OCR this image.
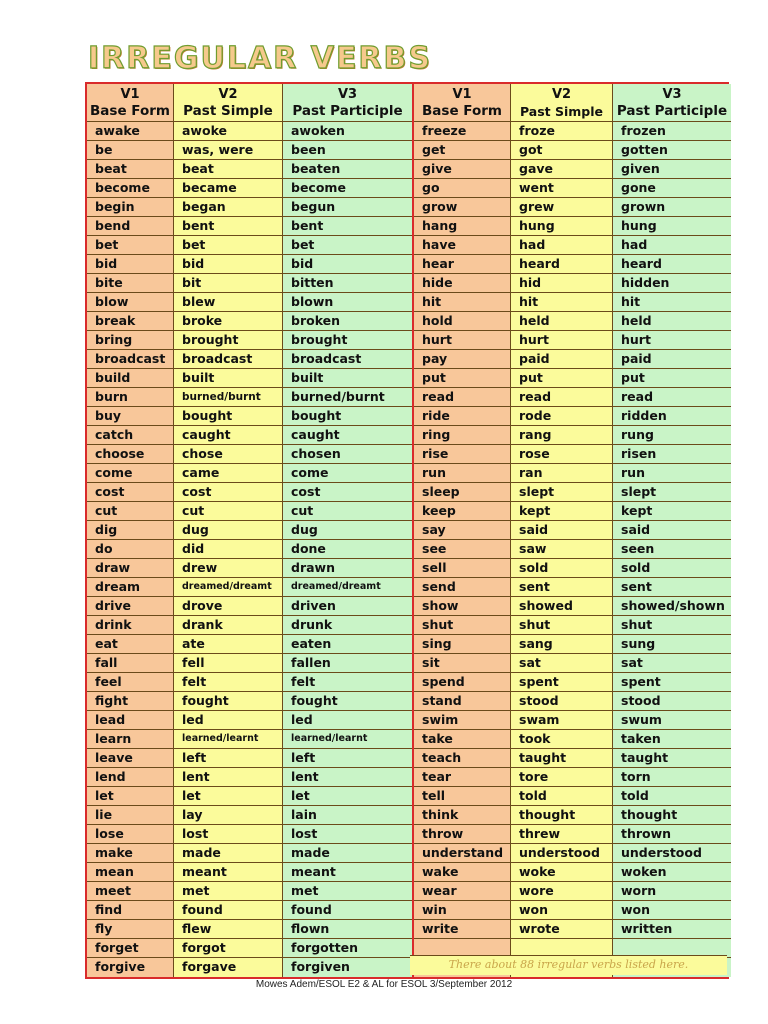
IRREGULAR VERBS
V1
Base Form
awake
be
beat
become
begin
bend
bet
bid
bite
blow
break
bring
broadcast
build
burn
buy
catch
choose
come
cost
cut
dig
do
draw
dream
drive
drink
eat
fall
feel
fight
lead
learn
leave
lend
let
lie
lose
make
mean
meet
find
fly
forget
forgive
V2
Past Simple
awoke
was, were
beat
became
began
bent
bet
bid
bit
blew
broke
brought
broadcast
built
burned/burnt
bought
caught
chose
came
cost
cut
dug
did
drew
dreamed/dreamt
drove
drank
ate
fell
felt
fought
led
learned/learnt
left
lent
let
lay
lost
made
meant
met
found
flew
forgot
forgave
V3
Past Participle
awoken
been
beaten
become
begun
bent
bet
bid
bitten
blown
broken
brought
broadcast
built
burned/burnt
bought
caught
chosen
come
cost
cut
dug
done
drawn
dreamed/dreamt
driven
drunk
eaten
fallen
felt
fought
led
learned/learnt
left
lent
let
lain
lost
made
meant
met
found
flown
forgotten
forgiven
V1
Base Form
freeze
get
give
go
grow
hang
have
hear
hide
hit
hold
hurt
pay
put
read
ride
ring
rise
run
sleep
keep
say
see
sell
send
show
shut
sing
sit
spend
stand
swim
take
teach
tear
tell
think
throw
understand
wake
wear
win
write
V2
Past Simple
froze
got
gave
went
grew
hung
had
heard
hid
hit
held
hurt
paid
put
read
rode
rang
rose
ran
slept
kept
said
saw
sold
sent
showed
shut
sang
sat
spent
stood
swam
took
taught
tore
told
thought
threw
understood
woke
wore
won
wrote
V3
Past Participle
frozen
gotten
given
gone
grown
hung
had
heard
hidden
hit
held
hurt
paid
put
read
ridden
rung
risen
run
slept
kept
said
seen
sold
sent
showed/shown
shut
sung
sat
spent
stood
swum
taken
taught
torn
told
thought
thrown
understood
woken
worn
won
written
There about 88 irregular verbs listed here.
Mowes Adem/ESOL E2 & AL for ESOL 3/September 2012
